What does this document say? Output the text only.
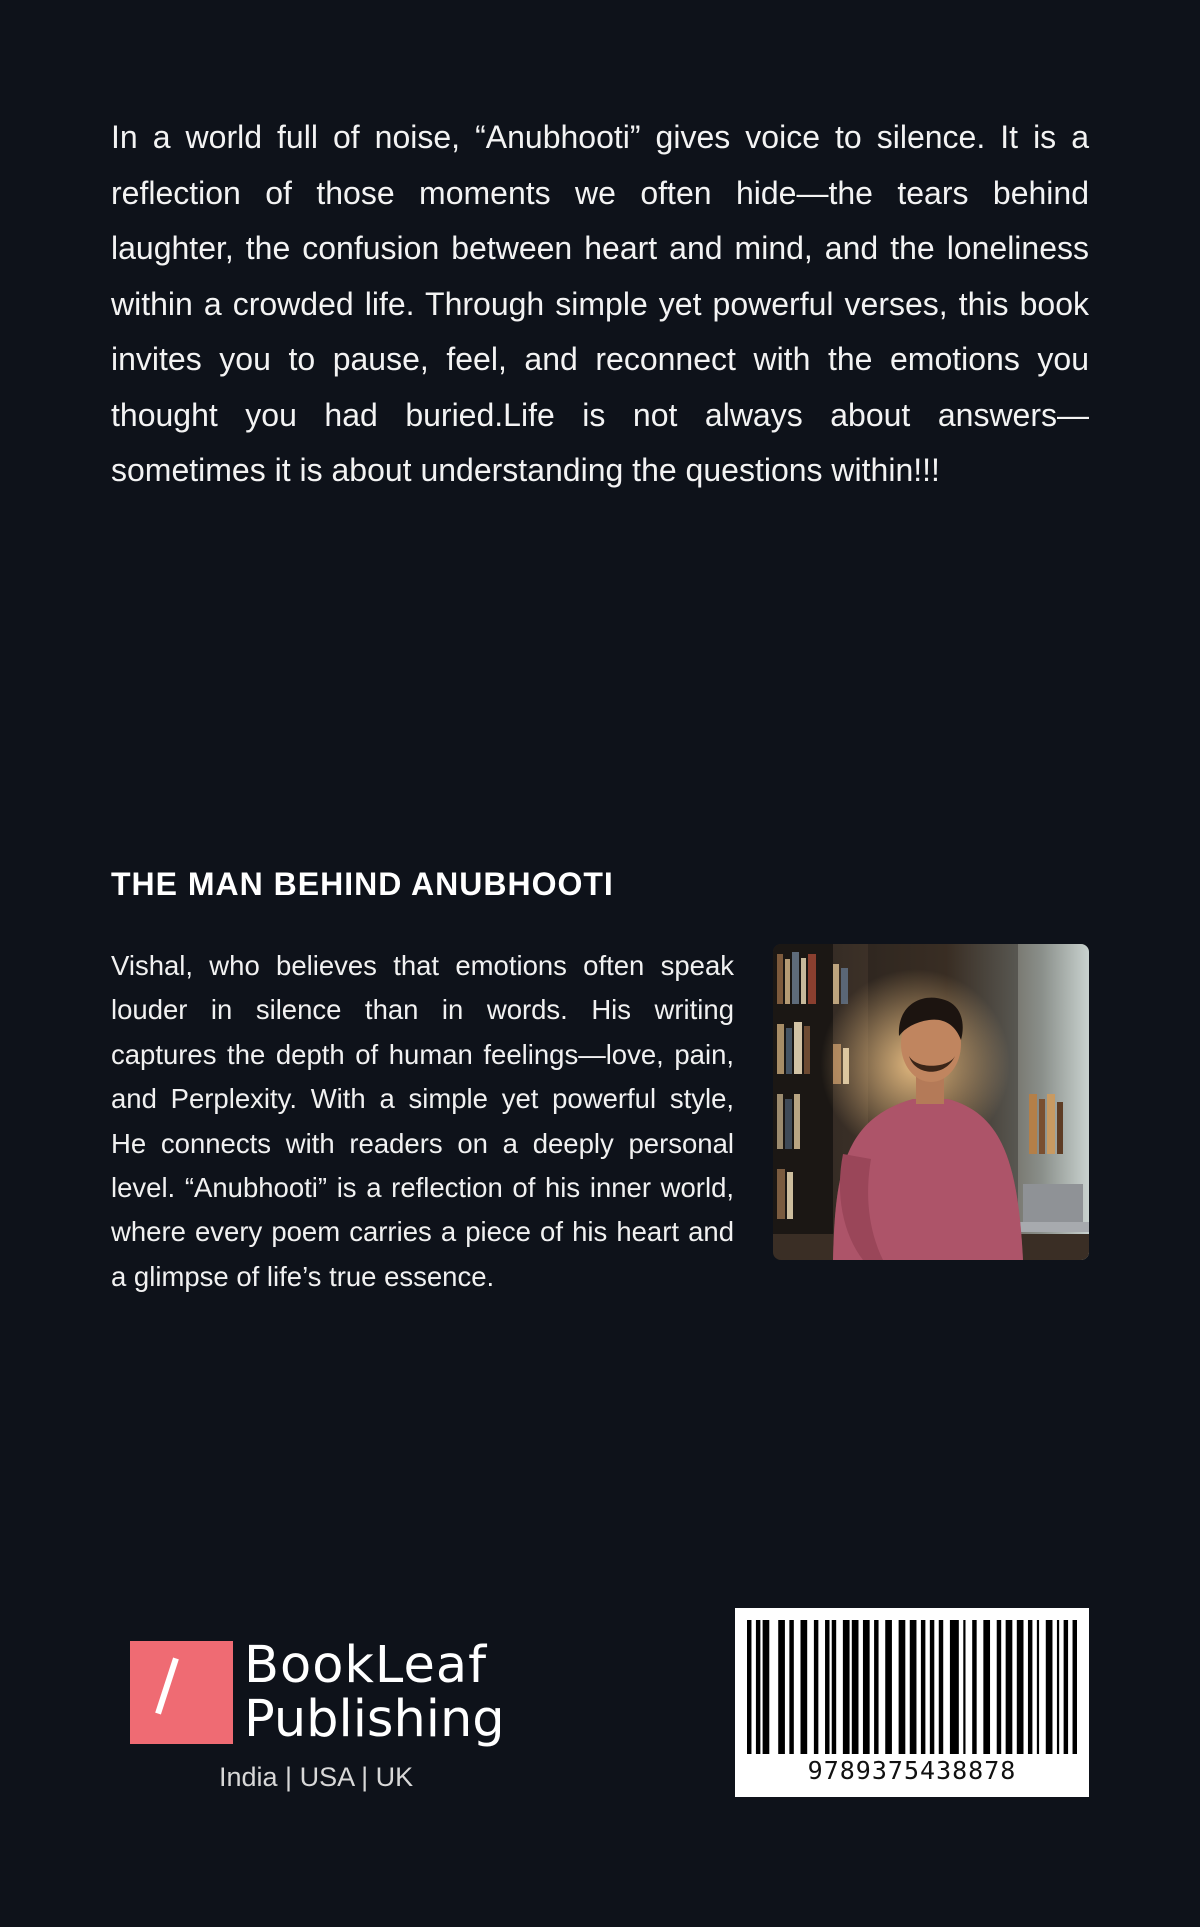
In a world full of noise, “Anubhooti” gives voice to silence. It is a reflection of those moments we often hide—the tears behind laughter, the confusion between heart and mind, and the loneliness within a crowded life. Through simple yet powerful verses, this book invites you to pause, feel, and reconnect with the emotions you thought you had buried.Life is not always about answers—sometimes it is about understanding the questions within!!!

THE MAN BEHIND ANUBHOOTI

Vishal, who believes that emotions often speak louder in silence than in words. His writing captures the depth of human feelings—love, pain, and Perplexity. With a simple yet powerful style, He connects with readers on a deeply personal level. “Anubhooti” is a reflection of his inner world, where every poem carries a piece of his heart and a glimpse of life’s true essence.

BookLeaf
Publishing
India | USA | UK	9789375438878
